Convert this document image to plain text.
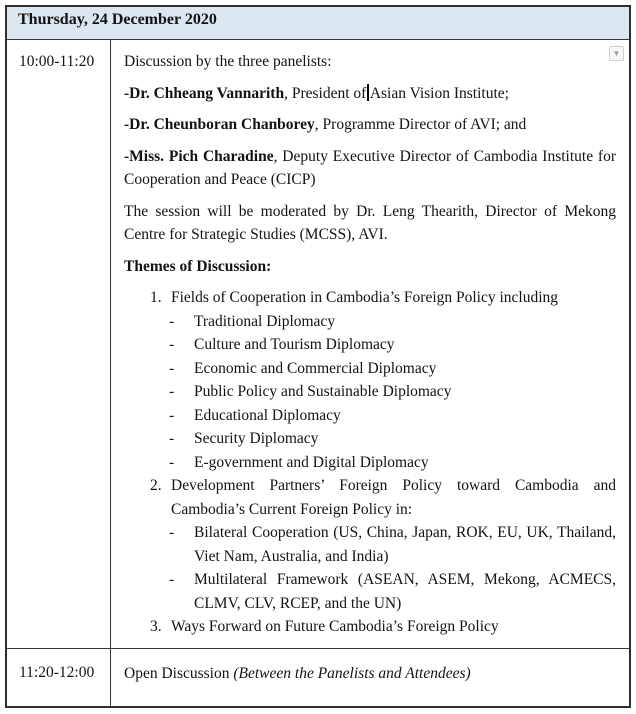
Thursday, 24 December 2020
10:00-11:20	Discussion by the three panelists:

-Dr. Chheang Vannarith, President of Asian Vision Institute;

-Dr. Cheunboran Chanborey, Programme Director of AVI; and

-Miss. Pich Charadine, Deputy Executive Director of Cambodia Institute for Cooperation and Peace (CICP)

The session will be moderated by Dr. Leng Thearith, Director of Mekong Centre for Strategic Studies (MCSS), AVI.

Themes of Discussion:

1. Fields of Cooperation in Cambodia’s Foreign Policy including
- Traditional Diplomacy
- Culture and Tourism Diplomacy
- Economic and Commercial Diplomacy
- Public Policy and Sustainable Diplomacy
- Educational Diplomacy
- Security Diplomacy
- E-government and Digital Diplomacy
2. Development Partners’ Foreign Policy toward Cambodia and Cambodia’s Current Foreign Policy in:
- Bilateral Cooperation (US, China, Japan, ROK, EU, UK, Thailand, Viet Nam, Australia, and India)
- Multilateral Framework (ASEAN, ASEM, Mekong, ACMECS, CLMV, CLV, RCEP, and the UN)
3. Ways Forward on Future Cambodia’s Foreign Policy
11:20-12:00	Open Discussion (Between the Panelists and Attendees)
▼
